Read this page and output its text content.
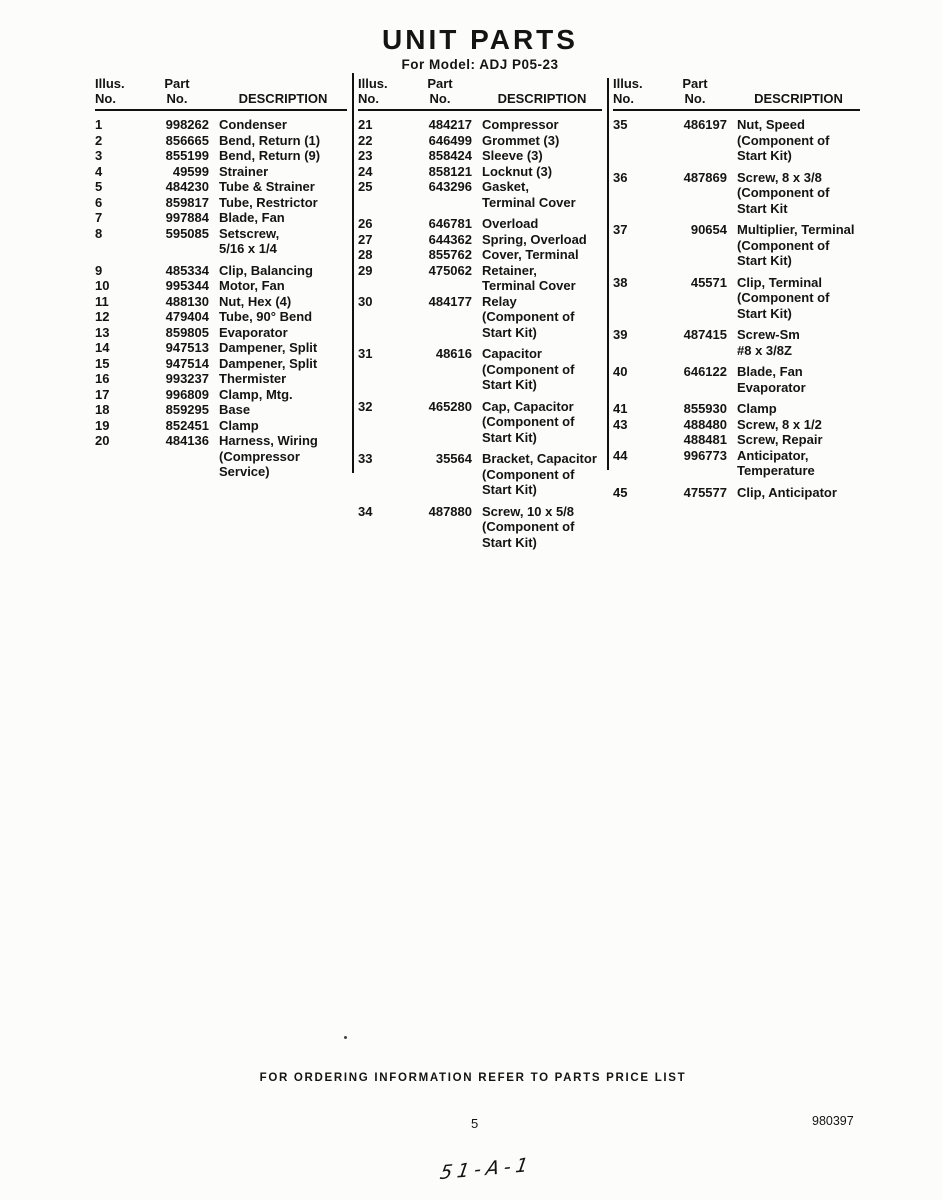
UNIT PARTS
For Model: ADJ P05-23
Illus.
No.
Part
No.	DESCRIPTION
1	998262 Condenser
2	856665 Bend, Return (1)
3	855199 Bend, Return (9)
4	49599 Strainer
5	484230 Tube & Strainer
6	859817 Tube, Restrictor
7	997884 Blade, Fan
8	595085 Setscrew,
5/16 x 1/4
9	485334 Clip, Balancing
10	995344 Motor, Fan
11	488130 Nut, Hex (4)
12	479404 Tube, 90° Bend
13	859805 Evaporator
14	947513 Dampener, Split
15	947514 Dampener, Split
16	993237 Thermister
17	996809 Clamp, Mtg.
18	859295 Base
19	852451 Clamp
20	484136 Harness, Wiring
(Compressor
Service)
Illus.
No.
Part
No.	DESCRIPTION
21	484217 Compressor
22	646499 Grommet (3)
23	858424 Sleeve (3)
24	858121 Locknut (3)
25	643296 Gasket,
Terminal Cover
26	646781 Overload
27	644362 Spring, Overload
28	855762 Cover, Terminal
29	475062 Retainer,
Terminal Cover
30	484177 Relay
(Component of
Start Kit)
31	48616 Capacitor
(Component of
Start Kit)
32	465280 Cap, Capacitor
(Component of
Start Kit)
33	35564 Bracket, Capacitor
(Component of
Start Kit)
34	487880 Screw, 10 x 5/8
(Component of
Start Kit)
Illus.
No.
Part
No.	DESCRIPTION
35	486197 Nut, Speed
(Component of
Start Kit)
36	487869 Screw, 8 x 3/8
(Component of
Start Kit
37	90654 Multiplier, Terminal
(Component of
Start Kit)
38	45571 Clip, Terminal
(Component of
Start Kit)
39	487415 Screw-Sm
#8 x 3/8Z
40	646122 Blade, Fan
Evaporator
41	855930 Clamp
43	488480 Screw, 8 x 1/2
488481 Screw, Repair
44	996773 Anticipator,
Temperature
45	475577 Clip, Anticipator
FOR ORDERING INFORMATION REFER TO PARTS PRICE LIST
5	980397
51-A-1
